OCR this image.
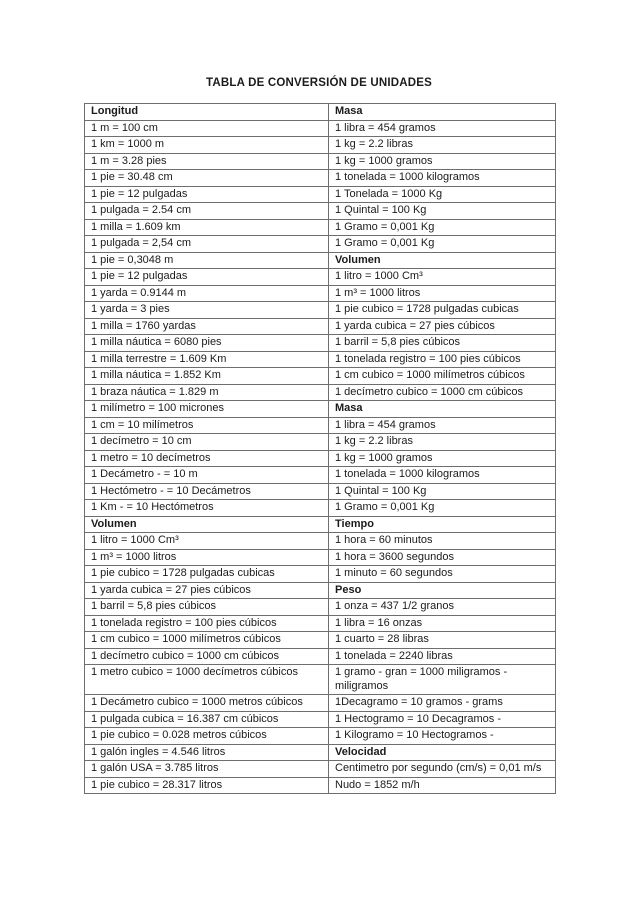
TABLA DE CONVERSIÓN DE UNIDADES
Longitud	Masa
1 m = 100 cm	1 libra = 454 gramos
1 km = 1000 m	1 kg = 2.2 libras
1 m = 3.28 pies	1 kg = 1000 gramos
1 pie = 30.48 cm	1 tonelada = 1000 kilogramos
1 pie = 12 pulgadas	1 Tonelada = 1000 Kg
1 pulgada = 2.54 cm	1 Quintal = 100 Kg
1 milla = 1.609 km	1 Gramo = 0,001 Kg
1 pulgada = 2,54 cm	1 Gramo = 0,001 Kg
1 pie = 0,3048 m	Volumen
1 pie = 12 pulgadas	1 litro = 1000 Cm³
1 yarda = 0.9144 m	1 m³ = 1000 litros
1 yarda = 3 pies	1 pie cubico = 1728 pulgadas cubicas
1 milla = 1760 yardas	1 yarda cubica = 27 pies cúbicos
1 milla náutica = 6080 pies	1 barril = 5,8 pies cúbicos
1 milla terrestre = 1.609 Km	1 tonelada registro = 100 pies cúbicos
1 milla náutica = 1.852 Km	1 cm cubico = 1000 milímetros cúbicos
1 braza náutica = 1.829 m	1 decímetro cubico = 1000 cm cúbicos
1 milímetro = 100 micrones	Masa
1 cm = 10 milímetros	1 libra = 454 gramos
1 decímetro = 10 cm	1 kg = 2.2 libras
1 metro = 10 decímetros	1 kg = 1000 gramos
1 Decámetro - = 10 m	1 tonelada = 1000 kilogramos
1 Hectómetro - = 10 Decámetros	1 Quintal = 100 Kg
1 Km - = 10 Hectómetros	1 Gramo = 0,001 Kg
Volumen	Tiempo
1 litro = 1000 Cm³	1 hora = 60 minutos
1 m³ = 1000 litros	1 hora = 3600 segundos
1 pie cubico = 1728 pulgadas cubicas	1 minuto = 60 segundos
1 yarda cubica = 27 pies cúbicos	Peso
1 barril = 5,8 pies cúbicos	1 onza = 437 1/2 granos
1 tonelada registro = 100 pies cúbicos	1 libra = 16 onzas
1 cm cubico = 1000 milímetros cúbicos	1 cuarto = 28 libras
1 decímetro cubico = 1000 cm cúbicos	1 tonelada = 2240 libras
1 metro cubico = 1000 decímetros cúbicos	1 gramo - gran = 1000 miligramos - miligramos
1 Decámetro cubico = 1000 metros cúbicos	1Decagramo = 10 gramos - grams
1 pulgada cubica = 16.387 cm cúbicos	1 Hectogramo = 10 Decagramos -
1 pie cubico = 0.028 metros cúbicos	1 Kilogramo = 10 Hectogramos -
1 galón ingles = 4.546 litros	Velocidad
1 galón USA = 3.785 litros	Centimetro por segundo (cm/s) = 0,01 m/s
1 pie cubico = 28.317 litros	Nudo = 1852 m/h
